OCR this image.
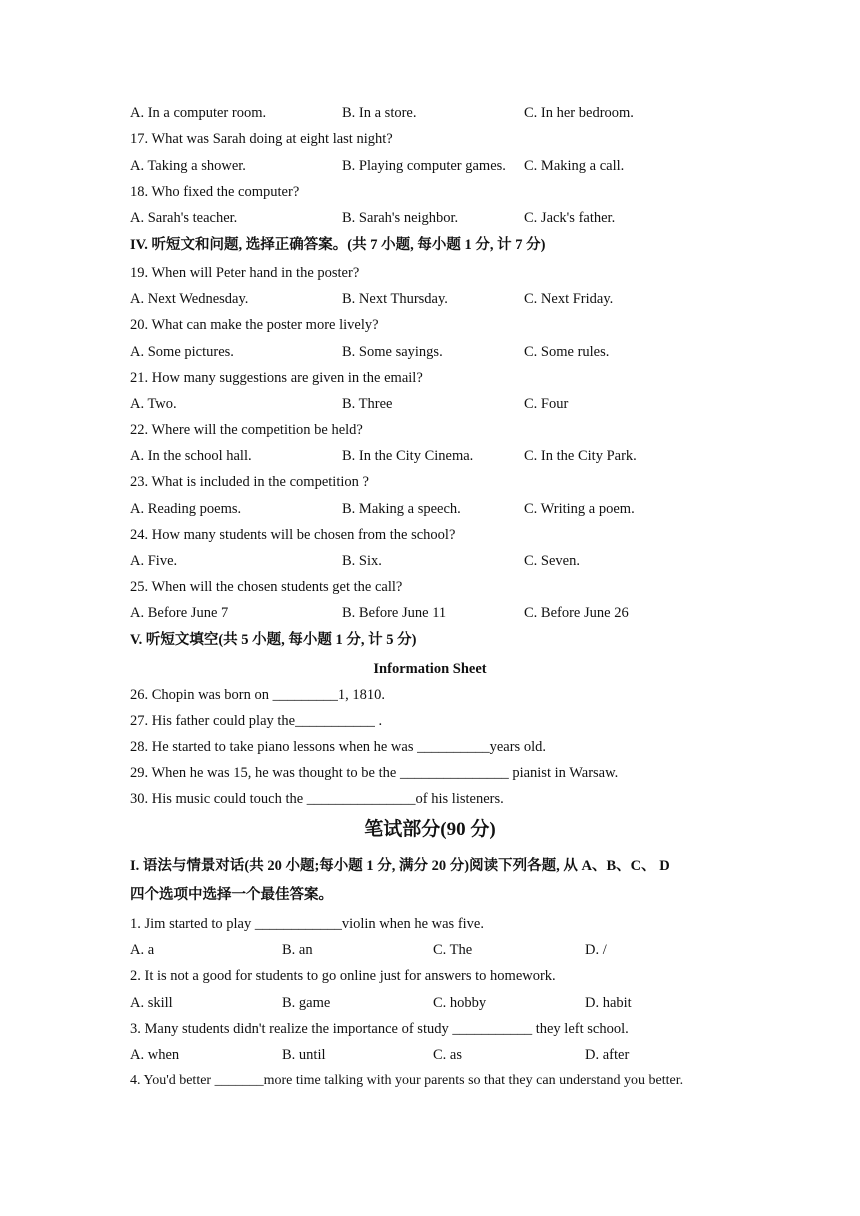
A. In a computer room.	B. In a store.	C. In her bedroom.
17. What was Sarah doing at eight last night?
A. Taking a shower.	B. Playing computer games. C. Making a call.
18. Who fixed the computer?
A. Sarah's teacher.	B. Sarah's neighbor.	C. Jack's father.
IV. 听短文和问题, 选择正确答案。(共 7 小题, 每小题 1 分, 计 7 分)
19. When will Peter hand in the poster?
A. Next Wednesday.	B. Next Thursday.	C. Next Friday.
20. What can make the poster more lively?
A. Some pictures.	B. Some sayings.	C. Some rules.
21. How many suggestions are given in the email?
A. Two.	B. Three	C. Four
22. Where will the competition be held?
A. In the school hall.	B. In the City Cinema.	C. In the City Park.
23. What is included in the competition ?
A. Reading poems.	B. Making a speech.	C. Writing a poem.
24. How many students will be chosen from the school?
A. Five.	B. Six.	C. Seven.
25. When will the chosen students get the call?
A. Before June 7	B. Before June 11	C. Before June 26
V. 听短文填空(共 5 小题, 每小题 1 分, 计 5 分)
Information Sheet
26. Chopin was born on _________1, 1810.
27. His father could play the___________ .
28. He started to take piano lessons when he was __________years old.
29. When he was 15, he was thought to be the _______________ pianist in Warsaw.
30. His music could touch the _______________of his listeners.
笔试部分(90 分)
I. 语法与情景对话(共 20 小题;每小题 1 分, 满分 20 分)阅读下列各题, 从 A、B、C、 D
四个选项中选择一个最佳答案。
1. Jim started to play ____________violin when he was five.
A. a	B. an	C. The	D. /
2. It is not a good for students to go online just for answers to homework.
A. skill	B. game	C. hobby	D. habit
3. Many students didn't realize the importance of study ___________ they left school.
A. when	B. until	C. as	D. after
4. You'd better _______more time talking with your parents so that they can understand you better.
